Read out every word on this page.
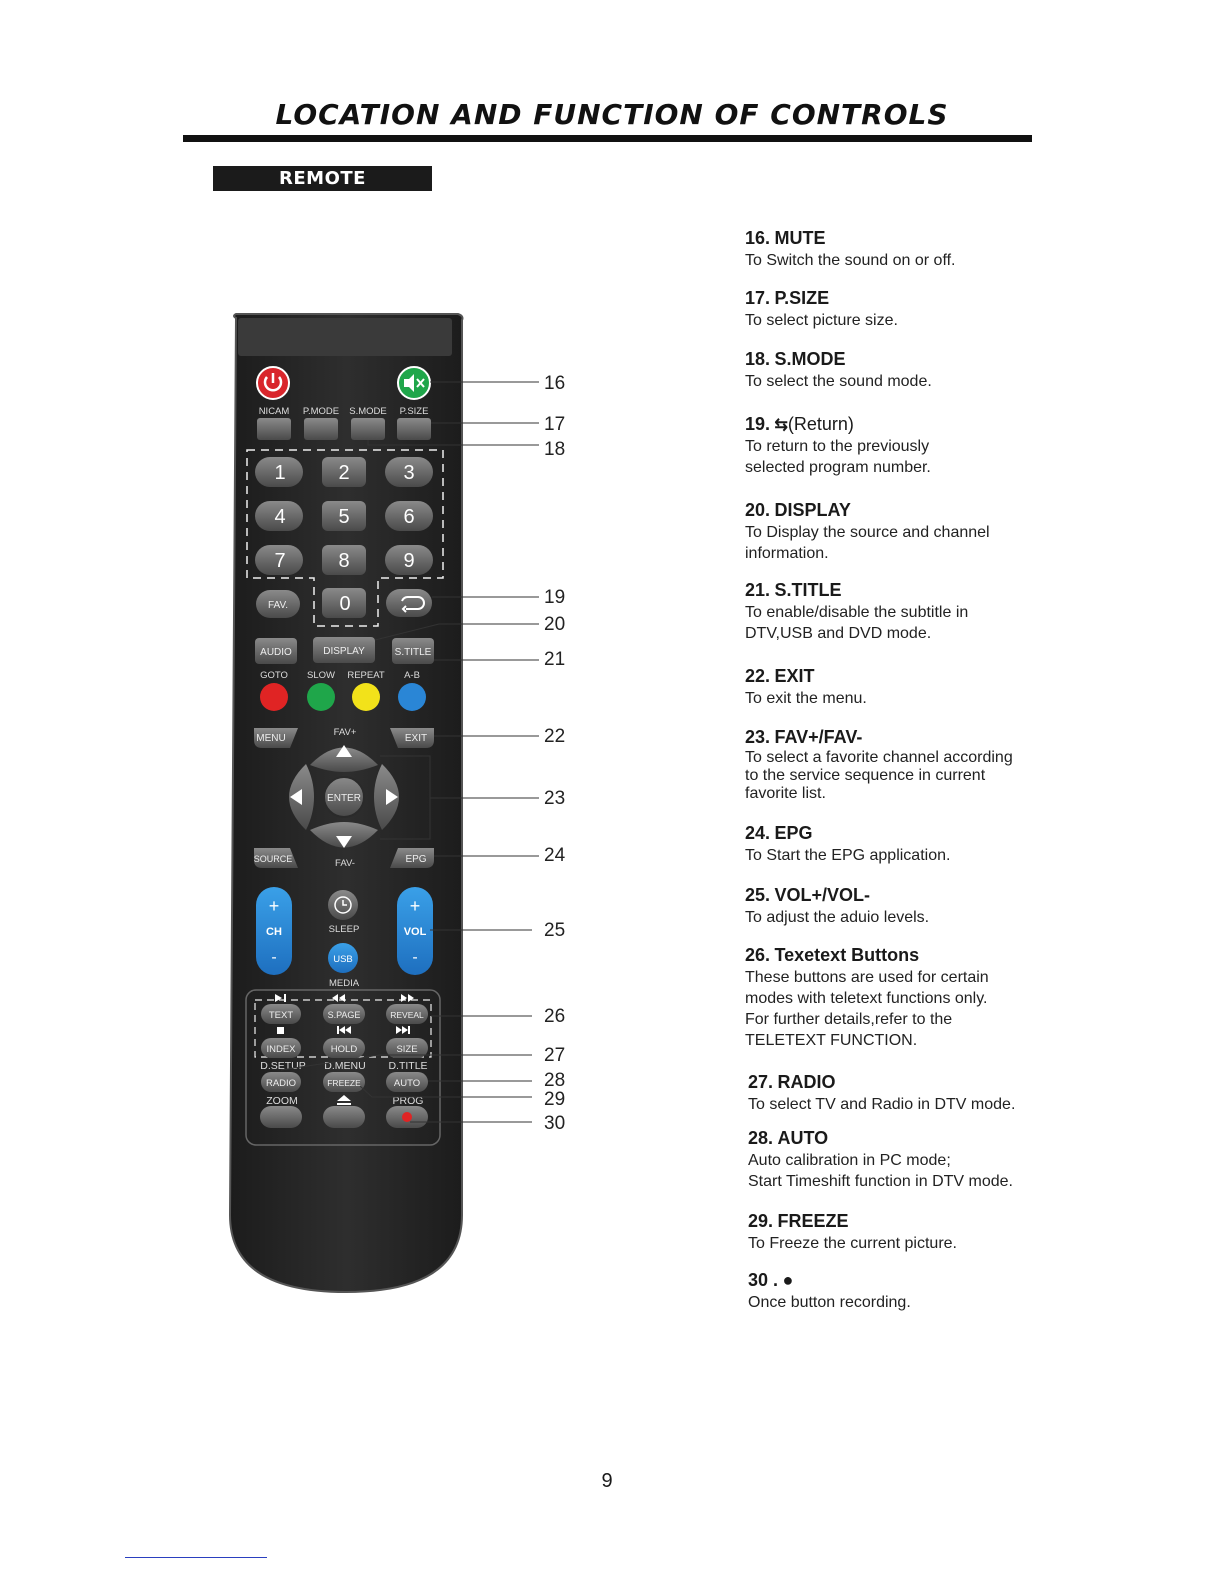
LOCATION AND FUNCTION OF CONTROLS
REMOTE CONTROLLER
NICAM P.MODE S.MODE P.SIZE
1	2	3
4	5	6
7	8	9
0
FAV.
AUDIO	DISPLAY	S.TITLE
GOTO SLOW REPEAT A-B
MENU	EXIT
FAV+
ENTER
SOURCE	EPG
FAV-
+
CH
-
+
VOL
-
SLEEP
USB
MEDIA
TEXT	S.PAGE	REVEAL
INDEX	HOLD	SIZE
RADIO	FREEZE	AUTO
D.SETUP D.MENU D.TITLE
ZOOM	PROG
16
17
18
19
20
21
22
23
24
25
26
27
28
29
30
16. MUTE
To Switch the sound on or off.
17. P.SIZE
To select picture size.
18. S.MODE
To select the sound mode.
19. ⇆(Return)
To return to the previously
selected program number.
20. DISPLAY
To Display the source and channel
information.
21. S.TITLE
To enable/disable the subtitle in
DTV,USB and DVD mode.
22. EXIT
To exit the menu.
23. FAV+/FAV-
To select a favorite channel according
to the service sequence in current
favorite list.
24. EPG
To Start the EPG application.
25. VOL+/VOL-
To adjust the aduio levels.
26. Texetext Buttons
These buttons are used for certain
modes with teletext functions only.
For further details,refer to the
TELETEXT FUNCTION.
27. RADIO
To select TV and Radio in DTV mode.
28. AUTO
Auto calibration in PC mode;
Start Timeshift function in DTV mode.
29. FREEZE
To Freeze the current picture.
30 . ●
Once button recording.
9
